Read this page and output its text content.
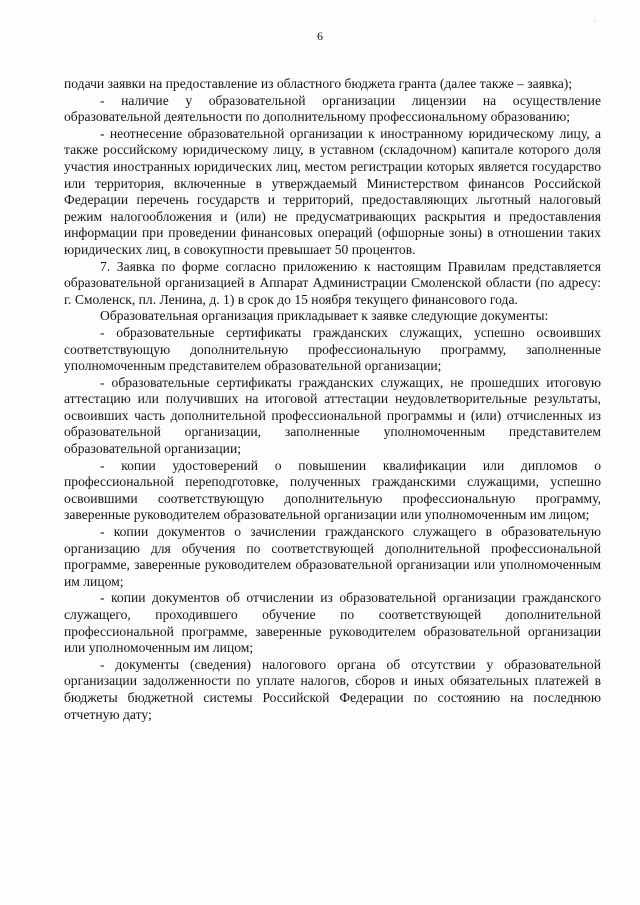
·
6

подачи заявки на предоставление из областного бюджета гранта (далее также – заявка);

- наличие у образовательной организации лицензии на осуществление образовательной деятельности по дополнительному профессиональному образованию;

- неотнесение образовательной организации к иностранному юридическому лицу, а также российскому юридическому лицу, в уставном (складочном) капитале которого доля участия иностранных юридических лиц, местом регистрации которых является государство или территория, включенные в утверждаемый Министерством финансов Российской Федерации перечень государств и территорий, предоставляющих льготный налоговый режим налогообложения и (или) не предусматривающих раскрытия и предоставления информации при проведении финансовых операций (офшорные зоны) в отношении таких юридических лиц, в совокупности превышает 50 процентов.

7. Заявка по форме согласно приложению к настоящим Правилам представляется образовательной организацией в Аппарат Администрации Смоленской области (по адресу: г. Смоленск, пл. Ленина, д. 1) в срок до 15 ноября текущего финансового года.

Образовательная организация прикладывает к заявке следующие документы:

- образовательные сертификаты гражданских служащих, успешно освоивших соответствующую дополнительную профессиональную программу, заполненные уполномоченным представителем образовательной организации;

- образовательные сертификаты гражданских служащих, не прошедших итоговую аттестацию или получивших на итоговой аттестации неудовлетворительные результаты, освоивших часть дополнительной профессиональной программы и (или) отчисленных из образовательной организации, заполненные уполномоченным представителем образовательной организации;

- копии удостоверений о повышении квалификации или дипломов о профессиональной переподготовке, полученных гражданскими служащими, успешно освоившими соответствующую дополнительную профессиональную программу, заверенные руководителем образовательной организации или уполномоченным им лицом;

- копии документов о зачислении гражданского служащего в образовательную организацию для обучения по соответствующей дополнительной профессиональной программе, заверенные руководителем образовательной организации или уполномоченным им лицом;

- копии документов об отчислении из образовательной организации гражданского служащего, проходившего обучение по соответствующей дополнительной профессиональной программе, заверенные руководителем образовательной организации или уполномоченным им лицом;

- документы (сведения) налогового органа об отсутствии у образовательной организации задолженности по уплате налогов, сборов и иных обязательных платежей в бюджеты бюджетной системы Российской Федерации по состоянию на последнюю отчетную дату;
